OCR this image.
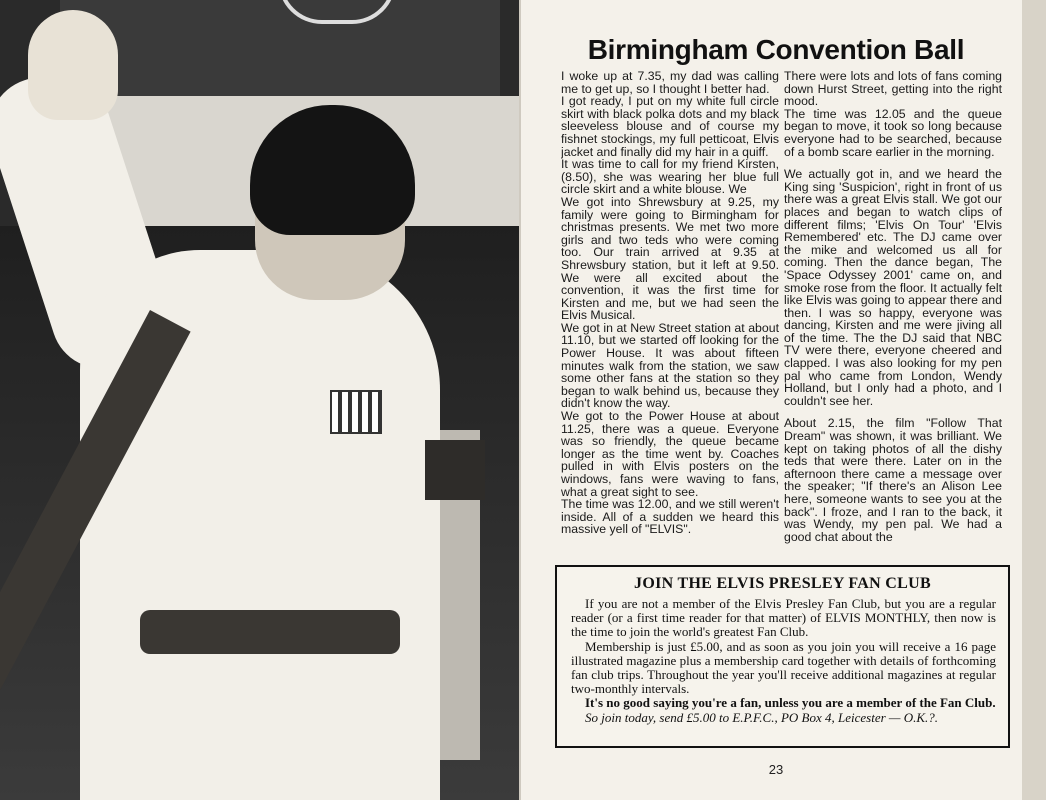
Birmingham Convention Ball

I woke up at 7.35, my dad was calling me to get up, so I thought I better had.

I got ready, I put on my white full circle skirt with black polka dots and my black sleeveless blouse and of course my fishnet stockings, my full petticoat, Elvis jacket and finally did my hair in a quiff.

It was time to call for my friend Kirsten, (8.50), she was wearing her blue full circle skirt and a white blouse. We

We got into Shrewsbury at 9.25, my family were going to Birmingham for christmas presents. We met two more girls and two teds who were coming too. Our train arrived at 9.35 at Shrewsbury station, but it left at 9.50. We were all excited about the convention, it was the first time for Kirsten and me, but we had seen the Elvis Musical.

We got in at New Street station at about 11.10, but we started off looking for the Power House. It was about fifteen minutes walk from the station, we saw some other fans at the station so they began to walk behind us, because they didn't know the way.

We got to the Power House at about 11.25, there was a queue. Everyone was so friendly, the queue became longer as the time went by. Coaches pulled in with Elvis posters on the windows, fans were waving to fans, what a great sight to see.

The time was 12.00, and we still weren't inside. All of a sudden we heard this massive yell of "ELVIS".

There were lots and lots of fans coming down Hurst Street, getting into the right mood.

The time was 12.05 and the queue began to move, it took so long because everyone had to be searched, because of a bomb scare earlier in the morning.

We actually got in, and we heard the King sing 'Suspicion', right in front of us there was a great Elvis stall. We got our places and began to watch clips of different films; 'Elvis On Tour' 'Elvis Remembered' etc. The DJ came over the mike and welcomed us all for coming. Then the dance began, The 'Space Odyssey 2001' came on, and smoke rose from the floor. It actually felt like Elvis was going to appear there and then. I was so happy, everyone was dancing, Kirsten and me were jiving all of the time. The the DJ said that NBC TV were there, everyone cheered and clapped. I was also looking for my pen pal who came from London, Wendy Holland, but I only had a photo, and I couldn't see her.

About 2.15, the film "Follow That Dream" was shown, it was brilliant. We kept on taking photos of all the dishy teds that were there. Later on in the afternoon there came a message over the speaker; "If there's an Alison Lee here, someone wants to see you at the back". I froze, and I ran to the back, it was Wendy, my pen pal. We had a good chat about the

JOIN THE ELVIS PRESLEY FAN CLUB

If you are not a member of the Elvis Presley Fan Club, but you are a regular reader (or a first time reader for that matter) of ELVIS MONTHLY, then now is the time to join the world's greatest Fan Club.

Membership is just £5.00, and as soon as you join you will receive a 16 page illustrated magazine plus a membership card together with details of forthcoming fan club trips. Throughout the year you'll receive additional magazines at regular two-monthly intervals.

It's no good saying you're a fan, unless you are a member of the Fan Club.

So join today, send £5.00 to E.P.F.C., PO Box 4, Leicester — O.K.?.

23
